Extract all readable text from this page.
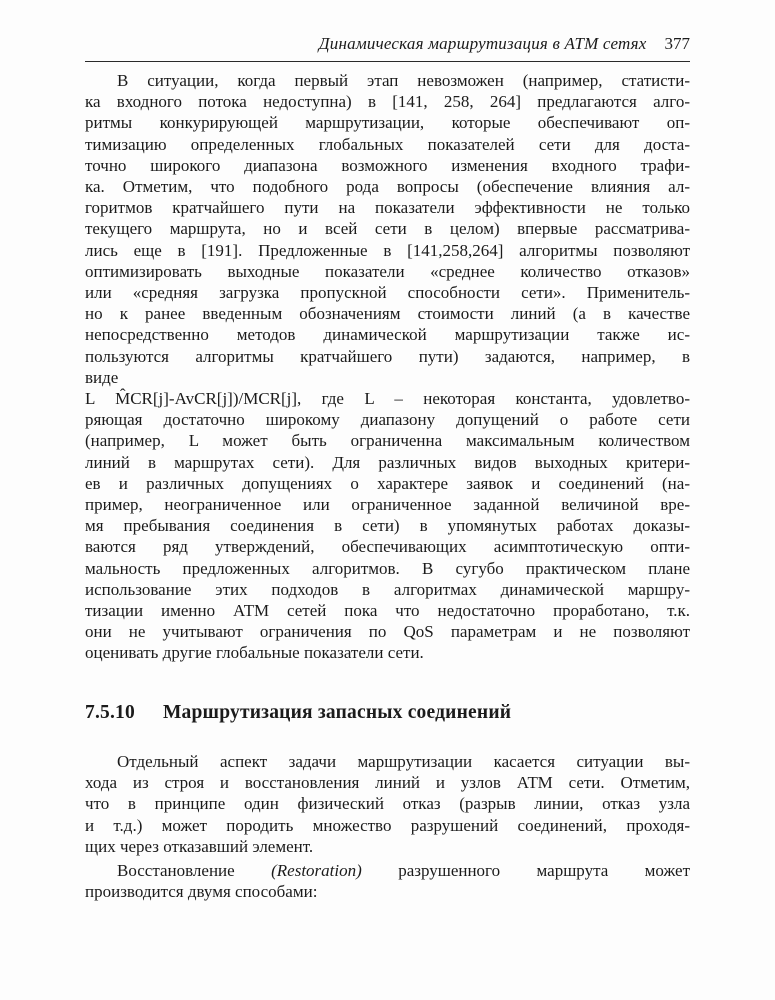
Динамическая маршрутизация в АТМ сетях 377
В ситуации, когда первый этап невозможен (например, статисти-
ка входного потока недоступна) в [141, 258, 264] предлагаются алго-
ритмы конкурирующей маршрутизации, которые обеспечивают оп-
тимизацию определенных глобальных показателей сети для доста-
точно широкого диапазона возможного изменения входного трафи-
ка. Отметим, что подобного рода вопросы (обеспечение влияния ал-
горитмов кратчайшего пути на показатели эффективности не только
текущего маршрута, но и всей сети в целом) впервые рассматрива-
лись еще в [191]. Предложенные в [141,258,264] алгоритмы позволяют
оптимизировать выходные показатели «среднее количество отказов»
или «средняя загрузка пропускной способности сети». Применитель-
но к ранее введенным обозначениям стоимости линий (а в качестве
непосредственно методов динамической маршрутизации также ис-
пользуются алгоритмы кратчайшего пути) задаются, например, в
виде
L M̂CR[j]-AvCR[j])/MCR[j], где L – некоторая константа, удовлетво-
ряющая достаточно широкому диапазону допущений о работе сети
(например, L может быть ограниченна максимальным количеством
линий в маршрутах сети). Для различных видов выходных критери-
ев и различных допущениях о характере заявок и соединений (на-
пример, неограниченное или ограниченное заданной величиной вре-
мя пребывания соединения в сети) в упомянутых работах доказы-
ваются ряд утверждений, обеспечивающих асимптотическую опти-
мальность предложенных алгоритмов. В сугубо практическом плане
использование этих подходов в алгоритмах динамической маршру-
тизации именно АТМ сетей пока что недостаточно проработано, т.к.
они не учитывают ограничения по QoS параметрам и не позволяют
оценивать другие глобальные показатели сети.
7.5.10 Маршрутизация запасных соединений
Отдельный аспект задачи маршрутизации касается ситуации вы-
хода из строя и восстановления линий и узлов АТМ сети. Отметим,
что в принципе один физический отказ (разрыв линии, отказ узла
и т.д.) может породить множество разрушений соединений, проходя-
щих через отказавший элемент.
Восстановление (Restoration) разрушенного маршрута может
производится двумя способами:
